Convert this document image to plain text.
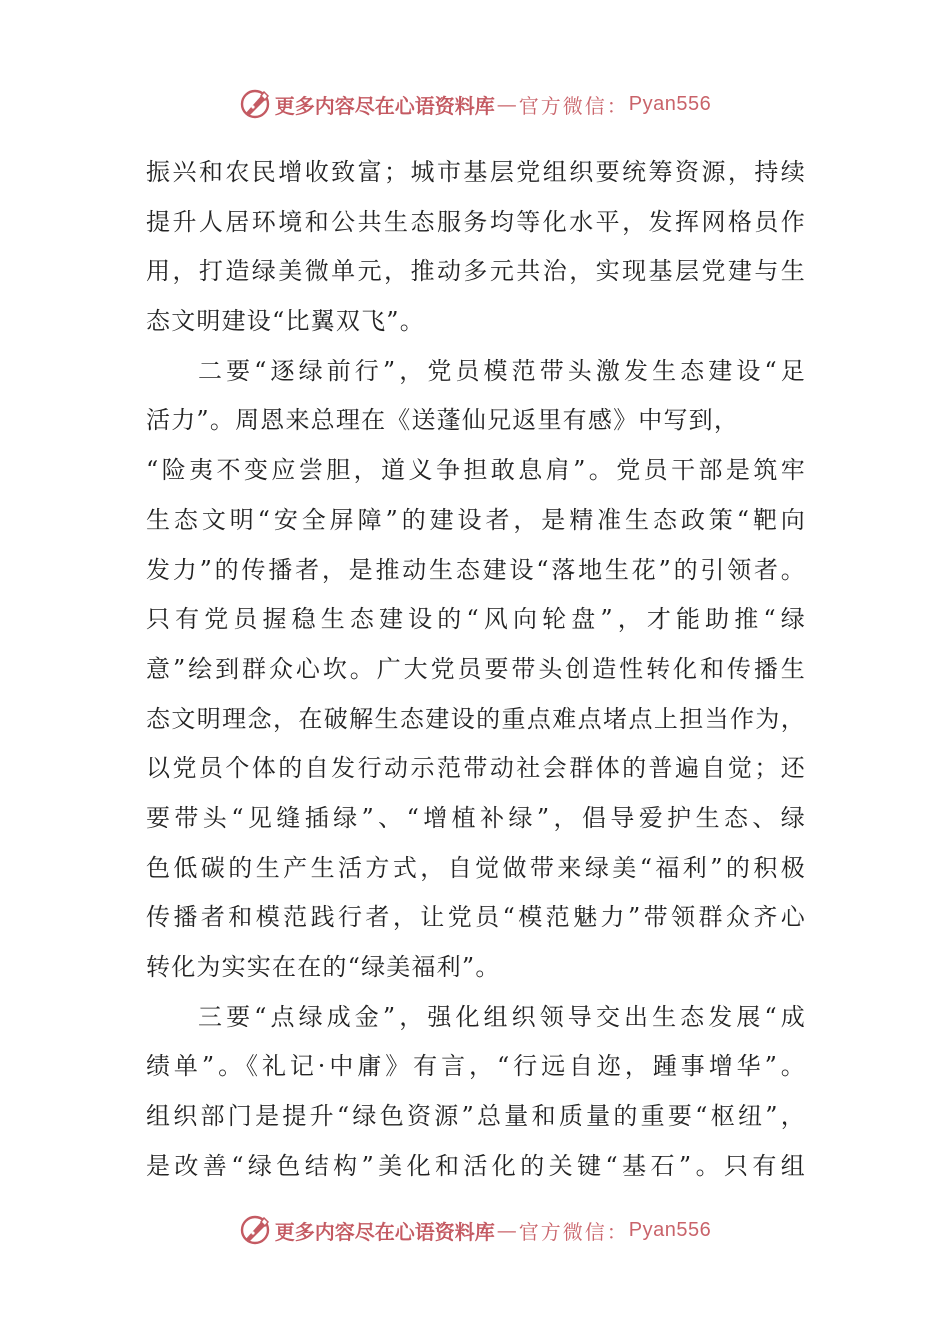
更多内容尽在心语资料库 — 官方微信： Pyan556
振兴和农民增收致富；城市基层党组织要统筹资源，持续
提升人居环境和公共生态服务均等化水平，发挥网格员作
用，打造绿美微单元，推动多元共治，实现基层党建与生
态文明建设“比翼双飞”。
二要“逐绿前行”，党员模范带头激发生态建设“足
活力”。周恩来总理在《送蓬仙兄返里有感》中写到，
“险夷不变应尝胆，道义争担敢息肩”。党员干部是筑牢
生态文明“安全屏障”的建设者，是精准生态政策“靶向
发力”的传播者，是推动生态建设“落地生花”的引领者。
只有党员握稳生态建设的“风向轮盘”，才能助推“绿
意”绘到群众心坎。广大党员要带头创造性转化和传播生
态文明理念，在破解生态建设的重点难点堵点上担当作为，
以党员个体的自发行动示范带动社会群体的普遍自觉；还
要带头“见缝插绿”、“增植补绿”，倡导爱护生态、绿
色低碳的生产生活方式，自觉做带来绿美“福利”的积极
传播者和模范践行者，让党员“模范魅力”带领群众齐心
转化为实实在在的“绿美福利”。
三要“点绿成金”，强化组织领导交出生态发展“成
绩单”。《礼记·中庸》有言，“行远自迩，踵事增华”。
组织部门是提升“绿色资源”总量和质量的重要“枢纽”，
是改善“绿色结构”美化和活化的关键“基石”。只有组
更多内容尽在心语资料库 — 官方微信： Pyan556
